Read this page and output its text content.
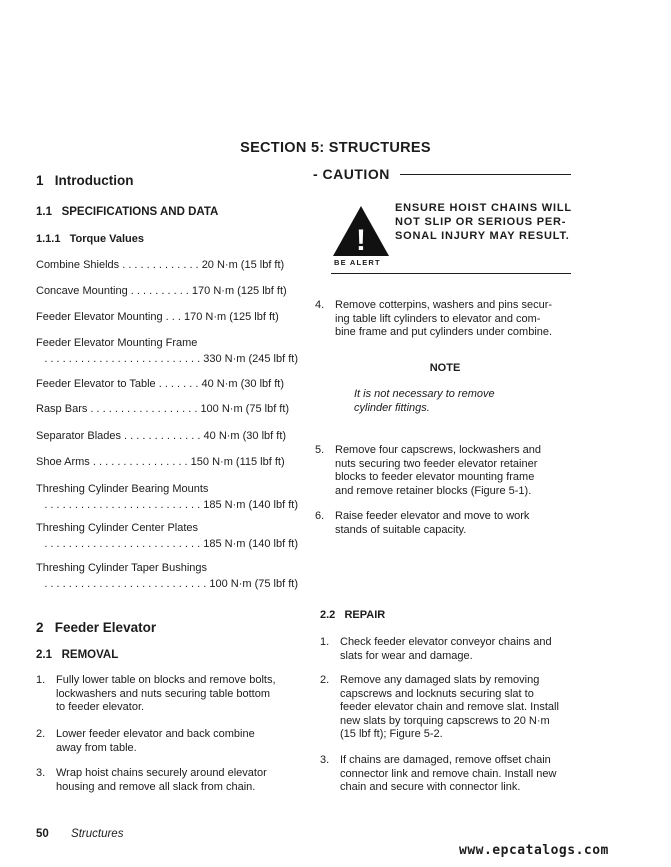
SECTION 5: STRUCTURES
1 Introduction
1.1 SPECIFICATIONS AND DATA
1.1.1 Torque Values
Combine Shields . . . . . . . . . . . . . 20 N·m (15 lbf ft)
Concave Mounting . . . . . . . . . . 170 N·m (125 lbf ft)
Feeder Elevator Mounting . . . 170 N·m (125 lbf ft)
Feeder Elevator Mounting Frame
. . . . . . . . . . . . . . . . . . . . . . . . . . 330 N·m (245 lbf ft)
Feeder Elevator to Table . . . . . . . 40 N·m (30 lbf ft)
Rasp Bars . . . . . . . . . . . . . . . . . . 100 N·m (75 lbf ft)
Separator Blades . . . . . . . . . . . . . 40 N·m (30 lbf ft)
Shoe Arms . . . . . . . . . . . . . . . . 150 N·m (115 lbf ft)
Threshing Cylinder Bearing Mounts
. . . . . . . . . . . . . . . . . . . . . . . . . . 185 N·m (140 lbf ft)
Threshing Cylinder Center Plates
. . . . . . . . . . . . . . . . . . . . . . . . . . 185 N·m (140 lbf ft)
Threshing Cylinder Taper Bushings
. . . . . . . . . . . . . . . . . . . . . . . . . . . 100 N·m (75 lbf ft)
2 Feeder Elevator
2.1 REMOVAL
1. Fully lower table on blocks and remove bolts,
lockwashers and nuts securing table bottom
to feeder elevator.
2. Lower feeder elevator and back combine
away from table.
3. Wrap hoist chains securely around elevator
housing and remove all slack from chain.
- CAUTION
!
BE ALERT
ENSURE HOIST CHAINS WILL
NOT SLIP OR SERIOUS PER-
SONAL INJURY MAY RESULT.
4. Remove cotterpins, washers and pins secur-
ing table lift cylinders to elevator and com-
bine frame and put cylinders under combine.
NOTE
It is not necessary to remove
cylinder fittings.
5. Remove four capscrews, lockwashers and
nuts securing two feeder elevator retainer
blocks to feeder elevator mounting frame
and remove retainer blocks (Figure 5-1).
6. Raise feeder elevator and move to work
stands of suitable capacity.
2.2 REPAIR
1. Check feeder elevator conveyor chains and
slats for wear and damage.
2. Remove any damaged slats by removing
capscrews and locknuts securing slat to
feeder elevator chain and remove slat. Install
new slats by torquing capscrews to 20 N·m
(15 lbf ft); Figure 5-2.
3. If chains are damaged, remove offset chain
connector link and remove chain. Install new
chain and secure with connector link.
50 Structures
www.epcatalogs.com
